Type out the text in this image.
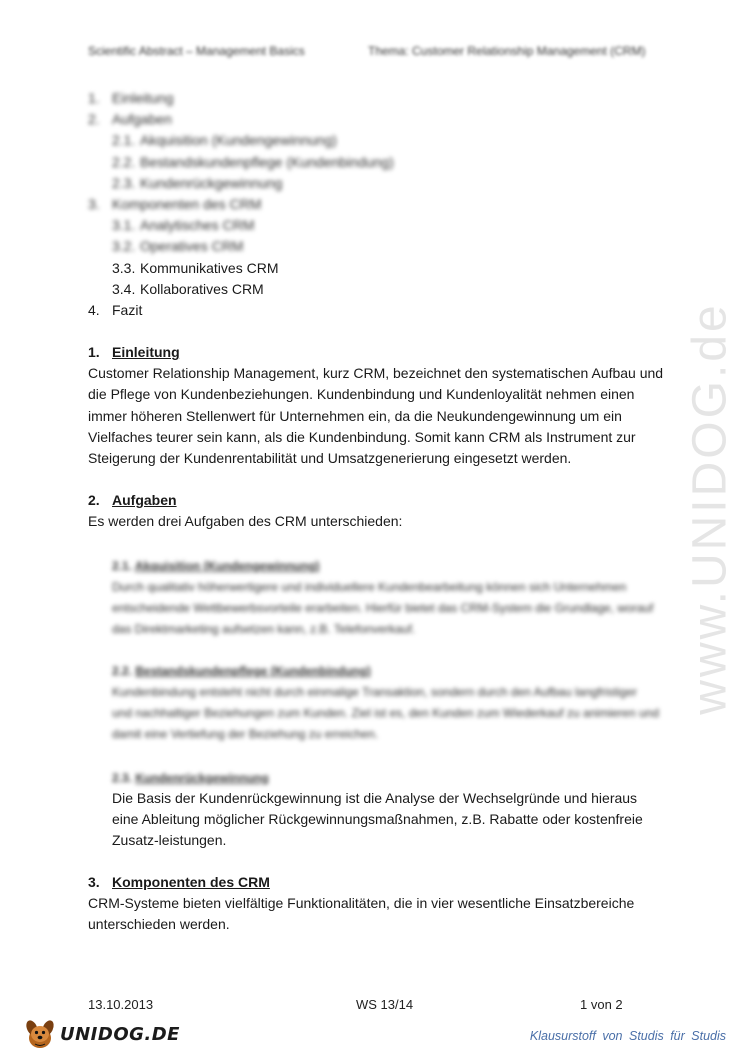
Scientific Abstract – Management Basics	Thema: Customer Relationship Management (CRM)
1. Einleitung
2. Aufgaben
2.1. Akquisition (Kundengewinnung)
2.2. Bestandskundenpflege (Kundenbindung)
2.3. Kundenrückgewinnung
3. Komponenten des CRM
3.1. Analytisches CRM
3.2. Operatives CRM
3.3. Kommunikatives CRM
3.4. Kollaboratives CRM
4. Fazit
1. Einleitung

Customer Relationship Management, kurz CRM, bezeichnet den systematischen Aufbau und die Pflege von Kundenbeziehungen. Kundenbindung und Kundenloyalität nehmen einen immer höheren Stellenwert für Unternehmen ein, da die Neukundengewinnung um ein Vielfaches teurer sein kann, als die Kundenbindung. Somit kann CRM als Instrument zur Steigerung der Kundenrentabilität und Umsatzgenerierung eingesetzt werden.

2. Aufgaben

Es werden drei Aufgaben des CRM unterschieden:

2.1. Akquisition (Kundengewinnung)

Durch qualitativ höherwertigere und individuellere Kundenbearbeitung können sich Unternehmen entscheidende Wettbewerbsvorteile erarbeiten. Hierfür bietet das CRM-System die Grundlage, worauf das Direktmarketing aufsetzen kann, z.B. Telefonverkauf.

2.2. Bestandskundenpflege (Kundenbindung)

Kundenbindung entsteht nicht durch einmalige Transaktion, sondern durch den Aufbau langfristiger und nachhaltiger Beziehungen zum Kunden. Ziel ist es, den Kunden zum Wiederkauf zu animieren und damit eine Vertiefung der Beziehung zu erreichen.

2.3. Kundenrückgewinnung

Die Basis der Kundenrückgewinnung ist die Analyse der Wechselgründe und hieraus eine Ableitung möglicher Rückgewinnungsmaßnahmen, z.B. Rabatte oder kostenfreie Zusatz-leistungen.

3. Komponenten des CRM

CRM-Systeme bieten vielfältige Funktionalitäten, die in vier wesentliche Einsatzbereiche unterschieden werden.

www.UNIDOG.de
13.10.2013	WS 13/14	1 von 2
UNIDOG.DE	Klausurstoff von Studis für Studis
